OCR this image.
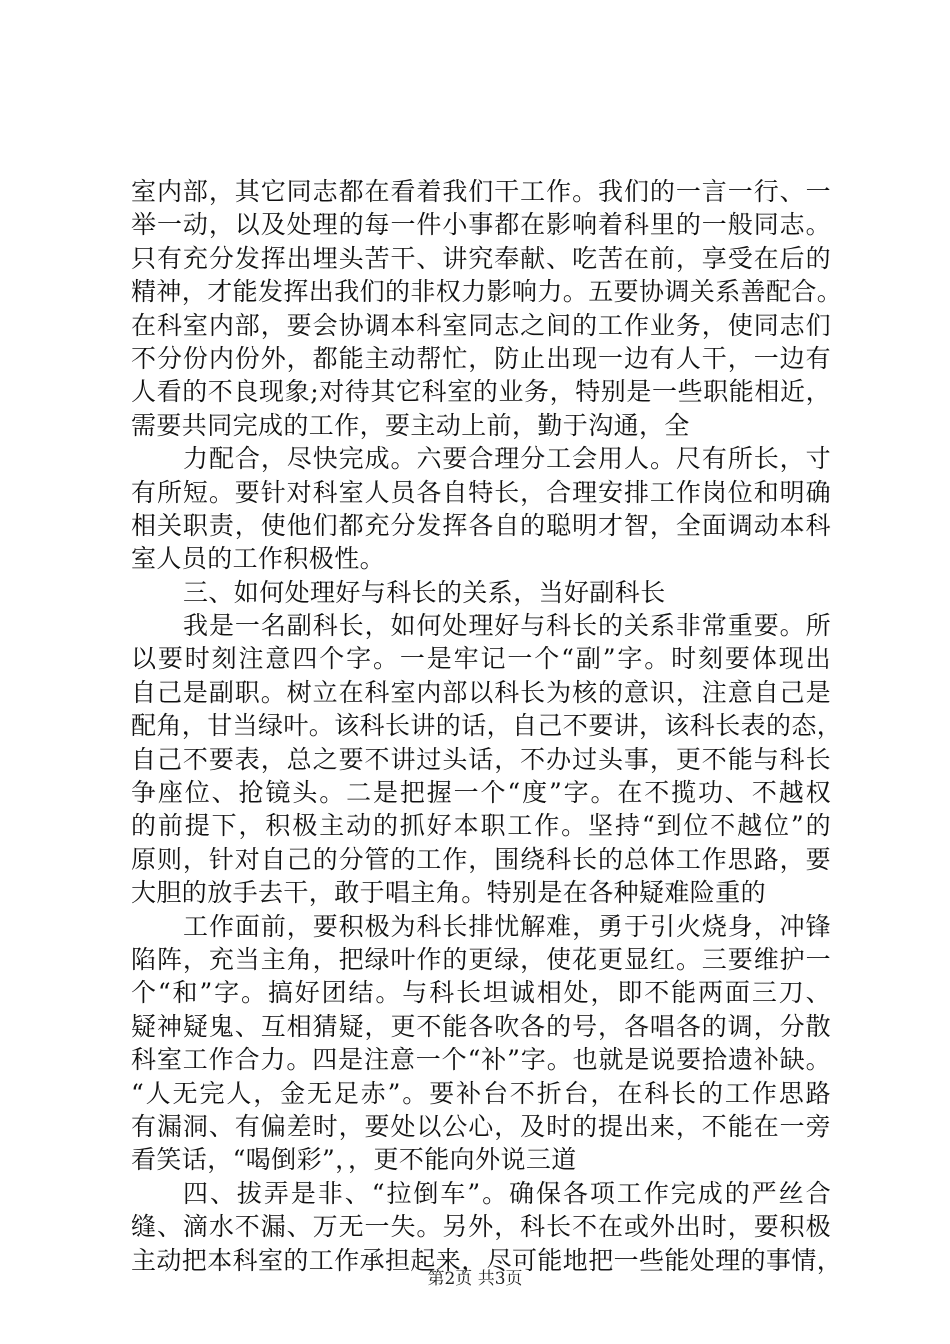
室内部，其它同志都在看着我们干工作。我们的一言一行、一
举一动，以及处理的每一件小事都在影响着科里的一般同志。
只有充分发挥出埋头苦干、讲究奉献、吃苦在前，享受在后的
精神，才能发挥出我们的非权力影响力。五要协调关系善配合。
在科室内部，要会协调本科室同志之间的工作业务，使同志们
不分份内份外，都能主动帮忙，防止出现一边有人干，一边有
人看的不良现象;对待其它科室的业务，特别是一些职能相近，
需要共同完成的工作，要主动上前，勤于沟通，全
力配合，尽快完成。六要合理分工会用人。尺有所长，寸
有所短。要针对科室人员各自特长，合理安排工作岗位和明确
相关职责，使他们都充分发挥各自的聪明才智，全面调动本科
室人员的工作积极性。
三、如何处理好与科长的关系，当好副科长
我是一名副科长，如何处理好与科长的关系非常重要。所
以要时刻注意四个字。一是牢记一个“副”字。时刻要体现出
自己是副职。树立在科室内部以科长为核的意识，注意自己是
配角，甘当绿叶。该科长讲的话，自己不要讲，该科长表的态，
自己不要表，总之要不讲过头话，不办过头事，更不能与科长
争座位、抢镜头。二是把握一个“度”字。在不揽功、不越权
的前提下，积极主动的抓好本职工作。坚持“到位不越位”的
原则，针对自己的分管的工作，围绕科长的总体工作思路，要
大胆的放手去干，敢于唱主角。特别是在各种疑难险重的
工作面前，要积极为科长排忧解难，勇于引火烧身，冲锋
陷阵，充当主角，把绿叶作的更绿，使花更显红。三要维护一
个“和”字。搞好团结。与科长坦诚相处，即不能两面三刀、
疑神疑鬼、互相猜疑，更不能各吹各的号，各唱各的调，分散
科室工作合力。四是注意一个“补”字。也就是说要拾遗补缺。
“人无完人，金无足赤”。要补台不折台，在科长的工作思路
有漏洞、有偏差时，要处以公心，及时的提出来，不能在一旁
看笑话，“喝倒彩”，，更不能向外说三道
四、拔弄是非、“拉倒车”。确保各项工作完成的严丝合
缝、滴水不漏、万无一失。另外，科长不在或外出时，要积极
主动把本科室的工作承担起来，尽可能地把一些能处理的事情，
第2页 共3页
